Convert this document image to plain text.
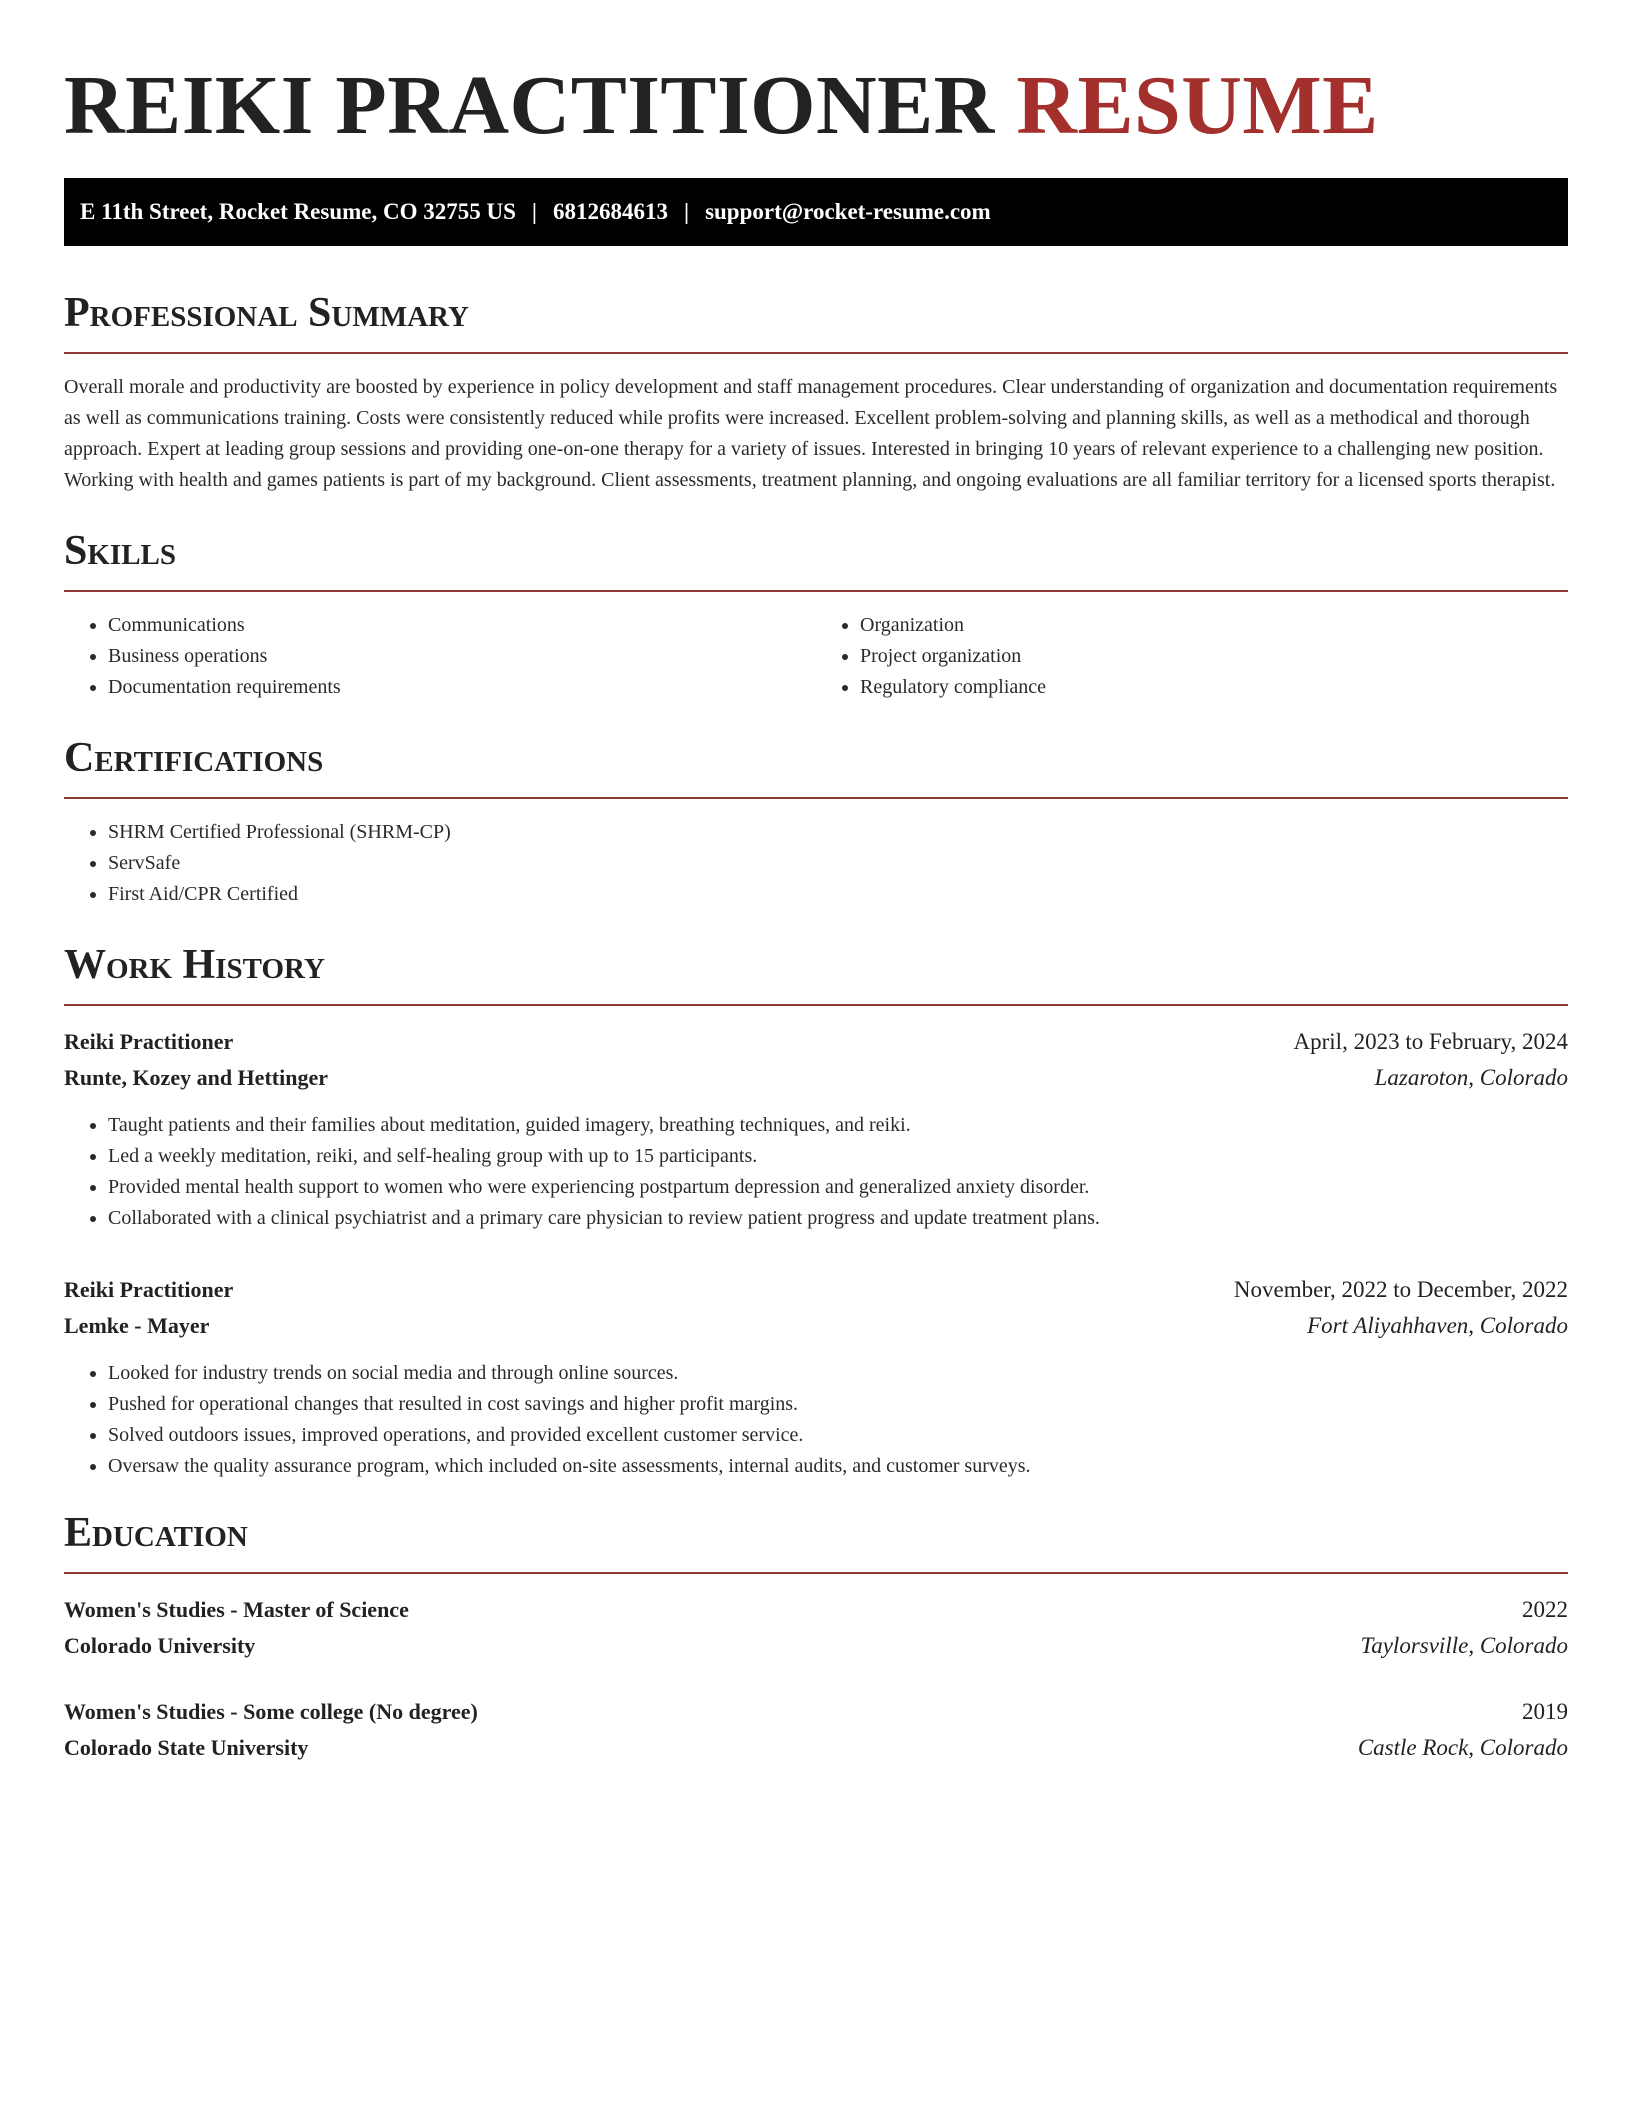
REIKI PRACTITIONER RESUME
E 11th Street, Rocket Resume, CO 32755 US | 6812684613 | support@rocket-resume.com
Professional Summary

Overall morale and productivity are boosted by experience in policy development and staff management procedures. Clear understanding of organization and documentation requirements as well as communications training. Costs were consistently reduced while profits were increased. Excellent problem-solving and planning skills, as well as a methodical and thorough approach. Expert at leading group sessions and providing one-on-one therapy for a variety of issues. Interested in bringing 10 years of relevant experience to a challenging new position. Working with health and games patients is part of my background. Client assessments, treatment planning, and ongoing evaluations are all familiar territory for a licensed sports therapist.

Skills
• Communications
• Business operations
• Documentation requirements
• Organization
• Project organization
• Regulatory compliance
Certifications
• SHRM Certified Professional (SHRM-CP)
• ServSafe
• First Aid/CPR Certified
Work History
Reiki Practitioner	April, 2023 to February, 2024
Runte, Kozey and Hettinger	Lazaroton, Colorado
• Taught patients and their families about meditation, guided imagery, breathing techniques, and reiki.
• Led a weekly meditation, reiki, and self-healing group with up to 15 participants.
• Provided mental health support to women who were experiencing postpartum depression and generalized anxiety disorder.
• Collaborated with a clinical psychiatrist and a primary care physician to review patient progress and update treatment plans.
Reiki Practitioner	November, 2022 to December, 2022
Lemke - Mayer	Fort Aliyahhaven, Colorado
• Looked for industry trends on social media and through online sources.
• Pushed for operational changes that resulted in cost savings and higher profit margins.
• Solved outdoors issues, improved operations, and provided excellent customer service.
• Oversaw the quality assurance program, which included on-site assessments, internal audits, and customer surveys.
Education
Women's Studies - Master of Science	2022
Colorado University	Taylorsville, Colorado
Women's Studies - Some college (No degree)	2019
Colorado State University	Castle Rock, Colorado
